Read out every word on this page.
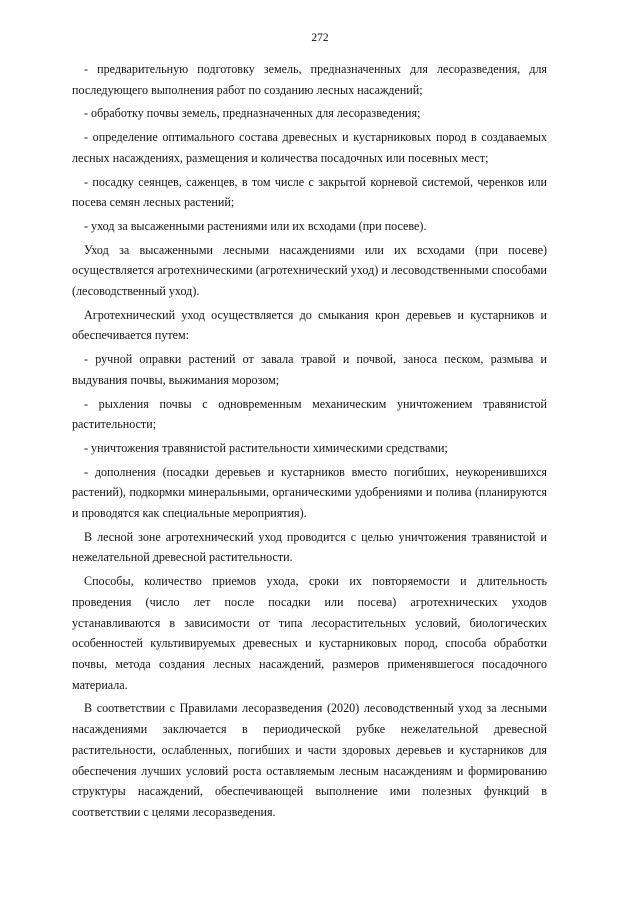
272

- предварительную подготовку земель, предназначенных для лесоразведения, для последующего выполнения работ по созданию лесных насаждений;

- обработку почвы земель, предназначенных для лесоразведения;

- определение оптимального состава древесных и кустарниковых пород в создаваемых лесных насаждениях, размещения и количества посадочных или посевных мест;

- посадку сеянцев, саженцев, в том числе с закрытой корневой системой, черенков или посева семян лесных растений;

- уход за высаженными растениями или их всходами (при посеве).

Уход за высаженными лесными насаждениями или их всходами (при посеве) осуществляется агротехническими (агротехнический уход) и лесоводственными способами (лесоводственный уход).

Агротехнический уход осуществляется до смыкания крон деревьев и кустарников и обеспечивается путем:

- ручной оправки растений от завала травой и почвой, заноса песком, размыва и выдувания почвы, выжимания морозом;

- рыхления почвы с одновременным механическим уничтожением травянистой растительности;

- уничтожения травянистой растительности химическими средствами;

- дополнения (посадки деревьев и кустарников вместо погибших, неукоренившихся растений), подкормки минеральными, органическими удобрениями и полива (планируются и проводятся как специальные мероприятия).

В лесной зоне агротехнический уход проводится с целью уничтожения травянистой и нежелательной древесной растительности.

Способы, количество приемов ухода, сроки их повторяемости и длительность проведения (число лет после посадки или посева) агротехнических уходов устанавливаются в зависимости от типа лесорастительных условий, биологических особенностей культивируемых древесных и кустарниковых пород, способа обработки почвы, метода создания лесных насаждений, размеров применявшегося посадочного материала.

В соответствии с Правилами лесоразведения (2020) лесоводственный уход за лесными насаждениями заключается в периодической рубке нежелательной древесной растительности, ослабленных, погибших и части здоровых деревьев и кустарников для обеспечения лучших условий роста оставляемым лесным насаждениям и формированию структуры насаждений, обеспечивающей выполнение ими полезных функций в соответствии с целями лесоразведения.
